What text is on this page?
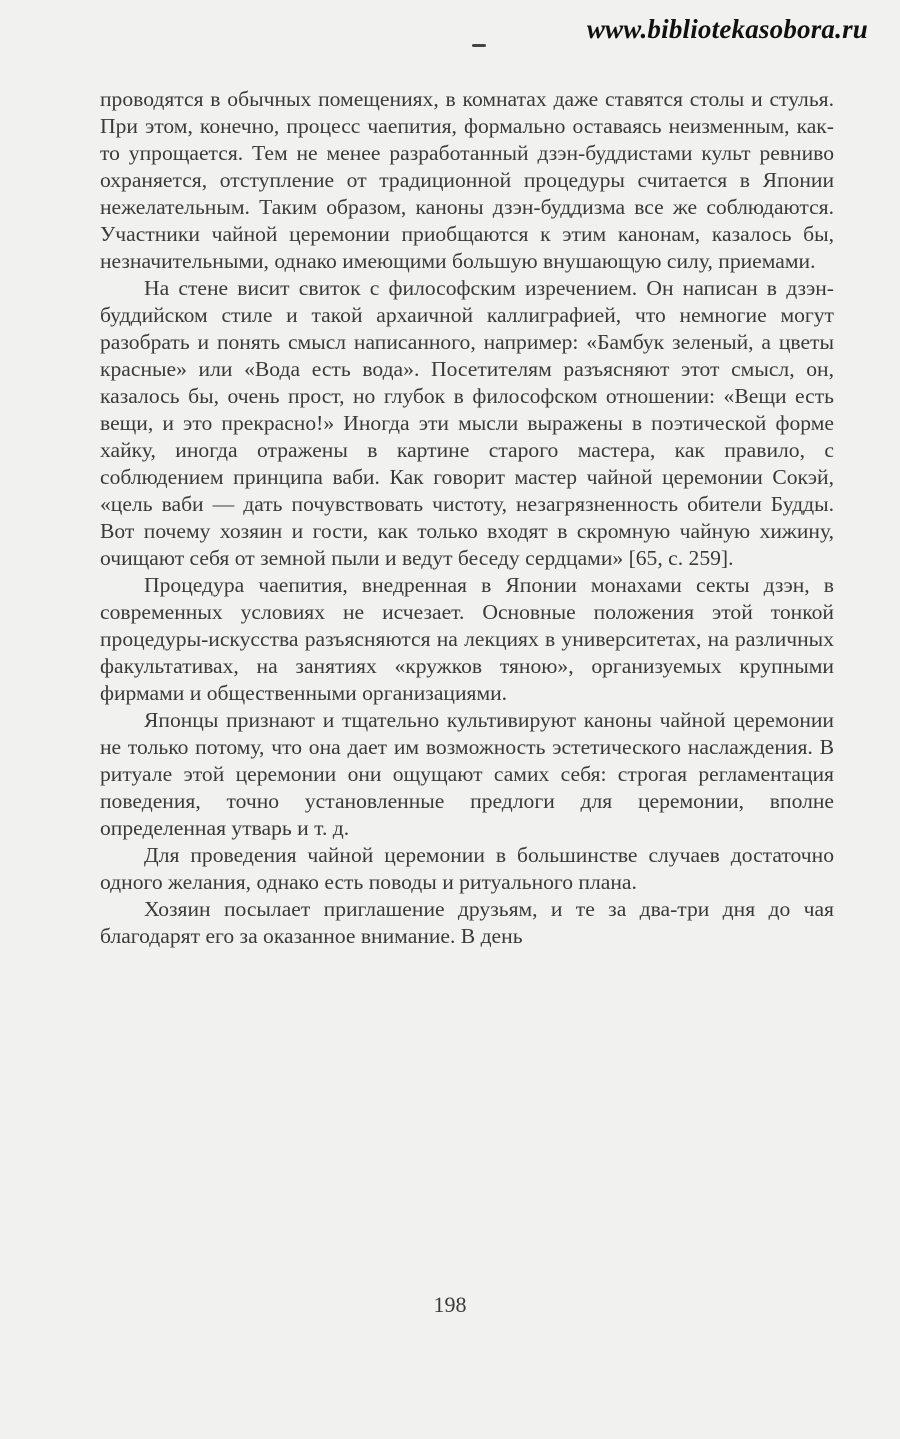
www.bibliotekasobora.ru

проводятся в обычных помещениях, в комнатах даже ставятся столы и стулья. При этом, конечно, процесс чаепития, формально оставаясь неизменным, как-то упрощается. Тем не менее разработанный дзэн-буддистами культ ревниво охраняется, отступление от традиционной процедуры считается в Японии нежелательным. Таким образом, каноны дзэн-буддизма все же соблюдаются. Участники чайной церемонии приобщаются к этим канонам, казалось бы, незначительными, однако имеющими большую внушающую силу, приемами.

На стене висит свиток с философским изречением. Он написан в дзэн-буддийском стиле и такой архаичной каллиграфией, что немногие могут разобрать и понять смысл написанного, например: «Бамбук зеленый, а цветы красные» или «Вода есть вода». Посетителям разъясняют этот смысл, он, казалось бы, очень прост, но глубок в философском отношении: «Вещи есть вещи, и это прекрасно!» Иногда эти мысли выражены в поэтической форме хайку, иногда отражены в картине старого мастера, как правило, с соблюдением принципа ваби. Как говорит мастер чайной церемонии Сокэй, «цель ваби — дать почувствовать чистоту, незагрязненность обители Будды. Вот почему хозяин и гости, как только входят в скромную чайную хижину, очищают себя от земной пыли и ведут беседу сердцами» [65, с. 259].

Процедура чаепития, внедренная в Японии монахами секты дзэн, в современных условиях не исчезает. Основные положения этой тонкой процедуры-искусства разъясняются на лекциях в университетах, на различных факультативах, на занятиях «кружков тяною», организуемых крупными фирмами и общественными организациями.

Японцы признают и тщательно культивируют каноны чайной церемонии не только потому, что она дает им возможность эстетического наслаждения. В ритуале этой церемонии они ощущают самих себя: строгая регламентация поведения, точно установленные предлоги для церемонии, вполне определенная утварь и т. д.

Для проведения чайной церемонии в большинстве случаев достаточно одного желания, однако есть поводы и ритуального плана.

Хозяин посылает приглашение друзьям, и те за два-три дня до чая благодарят его за оказанное внимание. В день

198
